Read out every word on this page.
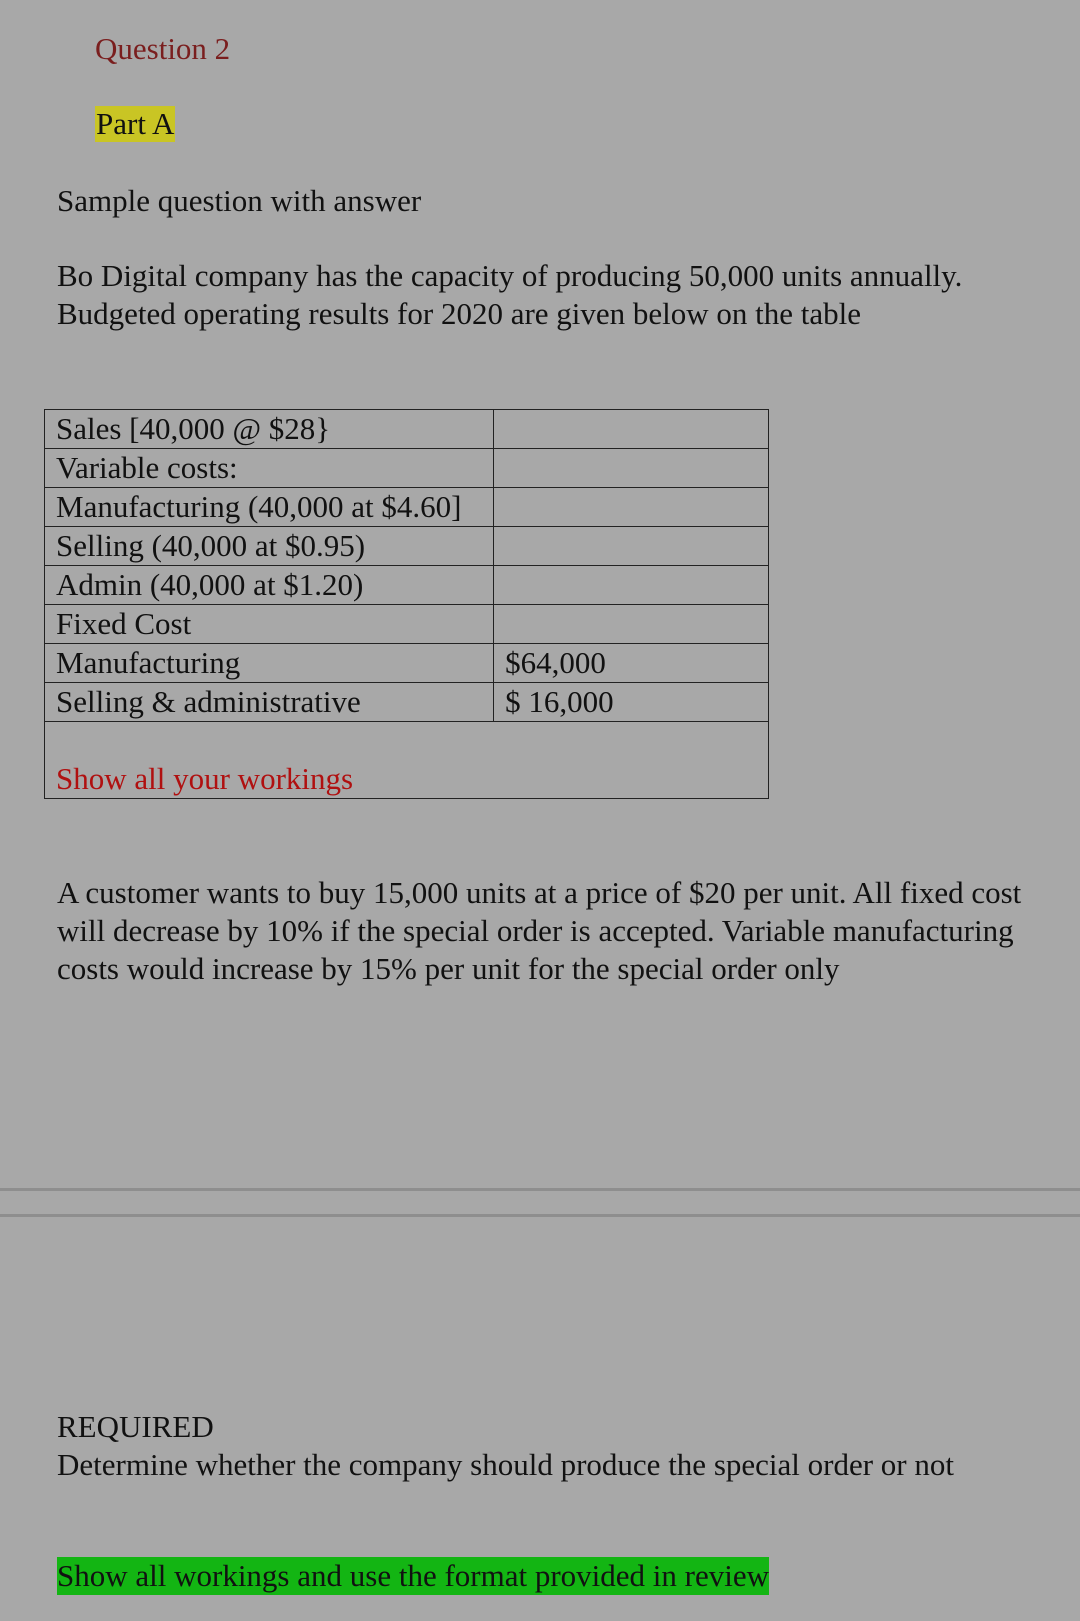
Question 2
Part A
Sample question with answer

Bo Digital company has the capacity of producing 50,000 units annually. Budgeted operating results for 2020 are given below on the table

Sales [40,000 @ $28}	
Variable costs:	
Manufacturing (40,000 at $4.60]	
Selling (40,000 at $0.95)	
Admin (40,000 at $1.20)	
Fixed Cost	
Manufacturing	$64,000
Selling & administrative	$ 16,000
Show all your workings	

A customer wants to buy 15,000 units at a price of $20 per unit. All fixed cost will decrease by 10% if the special order is accepted. Variable manufacturing costs would increase by 15% per unit for the special order only

REQUIRED

Determine whether the company should produce the special order or not

Show all workings and use the format provided in review
